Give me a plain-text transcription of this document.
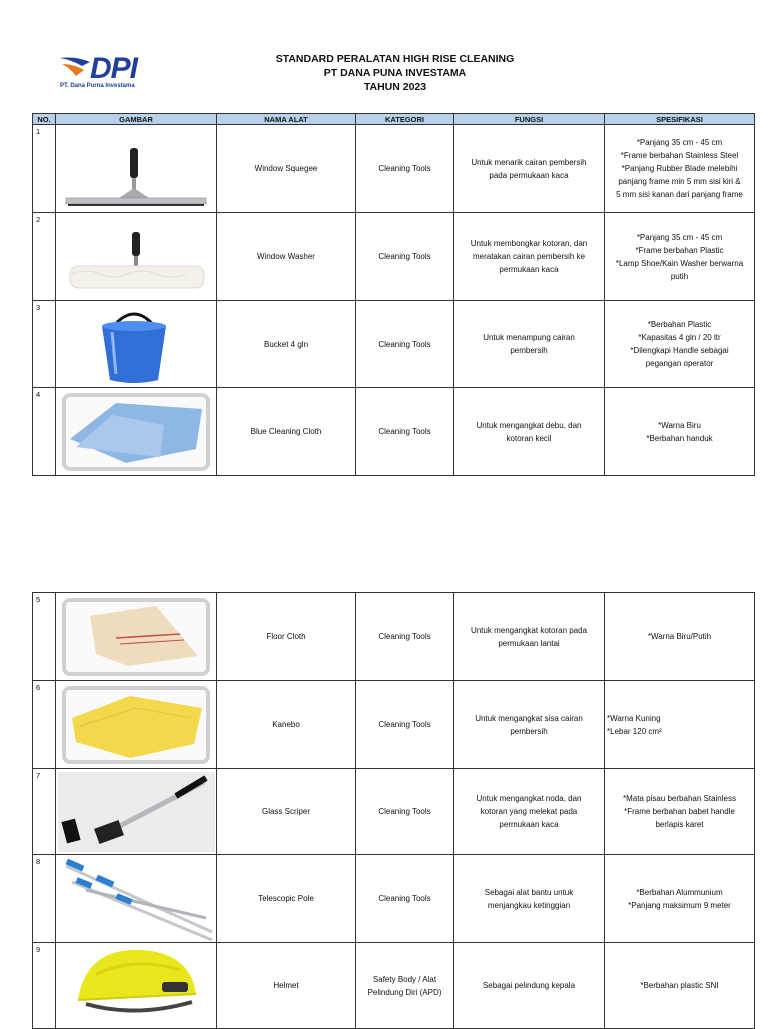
DPI
PT. Dana Purna Investama
STANDARD PERALATAN HIGH RISE CLEANING
PT DANA PUNA INVESTAMA
TAHUN 2023
NO.	GAMBAR	NAMA ALAT	KATEGORI	FUNGSI	SPESIFIKASI
1		Window Squegee	Cleaning Tools	Untuk menarik cairan pembersih
pada permukaan kaca	*Panjang 35 cm - 45 cm
*Frame berbahan Stainless Steel
*Panjang Rubber Blade melebihi
panjang frame min 5 mm sisi kiri &
5 mm sisi kanan dari panjang frame

2		Window Washer	Cleaning Tools	Untuk membongkar kotoran, dan
meratakan cairan pembersih ke
permukaan kaca	*Panjang 35 cm - 45 cm
*Frame berbahan Plastic
*Lamp Shoe/Kain Washer berwarna
putih

3		Bucket 4 gln	Cleaning Tools	Untuk menampung cairan
pembersih	*Berbahan Plastic
*Kapasitas 4 gln / 20 ltr
*Dilengkapi Handle sebagai
pegangan operator

4		Blue Cleaning Cloth	Cleaning Tools	Untuk mengangkat debu, dan
kotoran kecil	*Warna Biru
*Berbahan handuk
5		Floor Cloth	Cleaning Tools	Untuk mengangkat kotoran pada
permukaan lantai	*Warna Biru/Putih

6		Kanebo	Cleaning Tools	Untuk mengangkat sisa cairan
pembersih	*Warna Kuning
*Lebar 120 cm²

7		Glass Scriper	Cleaning Tools	Untuk mengangkat noda, dan
kotoran yang melekat pada
permukaan kaca	*Mata pisau berbahan Stainless
*Frame berbahan babet handle
berlapis karet

8		Telescopic Pole	Cleaning Tools	Sebagai alat bantu untuk
menjangkau ketinggian	*Berbahan Alummunium
*Panjang maksimum 9 meter

9		Helmet	Safety Body / Alat
Pelindung Diri (APD)	Sebagai pelindung kepala	*Berbahan plastic SNI
